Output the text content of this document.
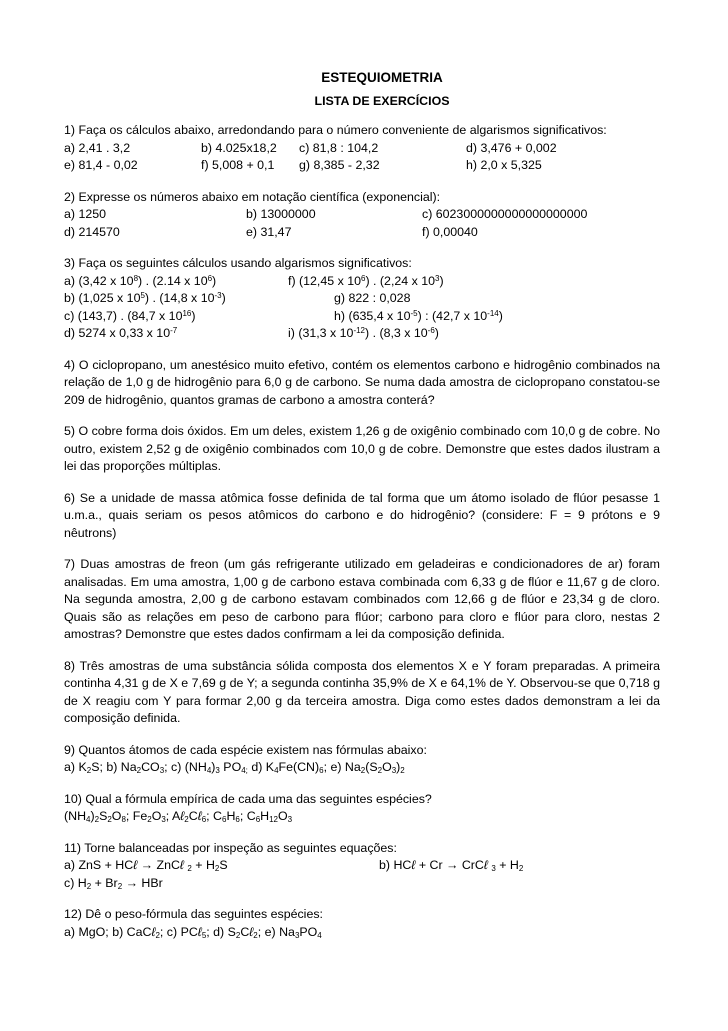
ESTEQUIOMETRIA
LISTA DE EXERCÍCIOS
1) Faça os cálculos abaixo, arredondando para o número conveniente de algarismos significativos:
a) 2,41 . 3,2	b) 4.025x18,2 c) 81,8 : 104,2	d) 3,476 + 0,002
e) 81,4 - 0,02	f) 5,008 + 0,1 g) 8,385 - 2,32	h) 2,0 x 5,325
2) Expresse os números abaixo em notação científica (exponencial):
a) 1250	b) 13000000	c) 6023000000000000000000
d) 214570	e) 31,47	f) 0,00040
3) Faça os seguintes cálculos usando algarismos significativos:
a) (3,42 x $10^8$) . (2.14 x $10^6$)	f) (12,45 x $10^6$) . (2,24 x $10^3$)
b) (1,025 x $10^5$) . (14,8 x $10^{-3}$)	g) 822 : 0,028
c) (143,7) . (84,7 x $10^{16}$)	h) (635,4 x $10^{-5}$) : (42,7 x $10^{-14}$)
d) 5274 x 0,33 x $10^{-7}$	i) (31,3 x $10^{-12}$) . (8,3 x $10^{-6}$)
4) O ciclopropano, um anestésico muito efetivo, contém os elementos carbono e hidrogênio combinados na relação de 1,0 g de hidrogênio para 6,0 g de carbono. Se numa dada amostra de ciclopropano constatou-se 209 de hidrogênio, quantos gramas de carbono a amostra conterá?
5) O cobre forma dois óxidos. Em um deles, existem 1,26 g de oxigênio combinado com 10,0 g de cobre. No outro, existem 2,52 g de oxigênio combinados com 10,0 g de cobre. Demonstre que estes dados ilustram a lei das proporções múltiplas.
6) Se a unidade de massa atômica fosse definida de tal forma que um átomo isolado de flúor pesasse 1 u.m.a., quais seriam os pesos atômicos do carbono e do hidrogênio? (considere: F = 9 prótons e 9 nêutrons)
7) Duas amostras de freon (um gás refrigerante utilizado em geladeiras e condicionadores de ar) foram analisadas. Em uma amostra, 1,00 g de carbono estava combinada com 6,33 g de flúor e 11,67 g de cloro. Na segunda amostra, 2,00 g de carbono estavam combinados com 12,66 g de flúor e 23,34 g de cloro. Quais são as relações em peso de carbono para flúor; carbono para cloro e flúor para cloro, nestas 2 amostras? Demonstre que estes dados confirmam a lei da composição definida.
8) Três amostras de uma substância sólida composta dos elementos X e Y foram preparadas. A primeira continha 4,31 g de X e 7,69 g de Y; a segunda continha 35,9% de X e 64,1% de Y. Observou-se que 0,718 g de X reagiu com Y para formar 2,00 g da terceira amostra. Diga como estes dados demonstram a lei da composição definida.
9) Quantos átomos de cada espécie existem nas fórmulas abaixo:
a) $K_2S$; b) $Na_2CO_3$; c) $(NH_4)_3$ $PO_{4;}$ d) $K_4Fe(CN)_6$; e) $Na_2(S_2O_3)_2$
10) Qual a fórmula empírica de cada uma das seguintes espécies?
$(NH_4)_2S_2O_8$; $Fe_2O_3$; Aℓ$_2$Cℓ$_6$; $C_6H_6$; $C_6H_{12}O_3$
11) Torne balanceadas por inspeção as seguintes equações:
a) ZnS + HCℓ → ZnCℓ $_2 + H_2S$	b) HCℓ + Cr → CrCℓ $_3 + H_2$
c) $H_2 + Br_2$ → HBr
12) Dê o peso-fórmula das seguintes espécies:
a) MgO; b) CaCℓ$_2$; c) PCℓ$_5$; d) $S_2C\ell_2$; e) $Na_3PO_4$
